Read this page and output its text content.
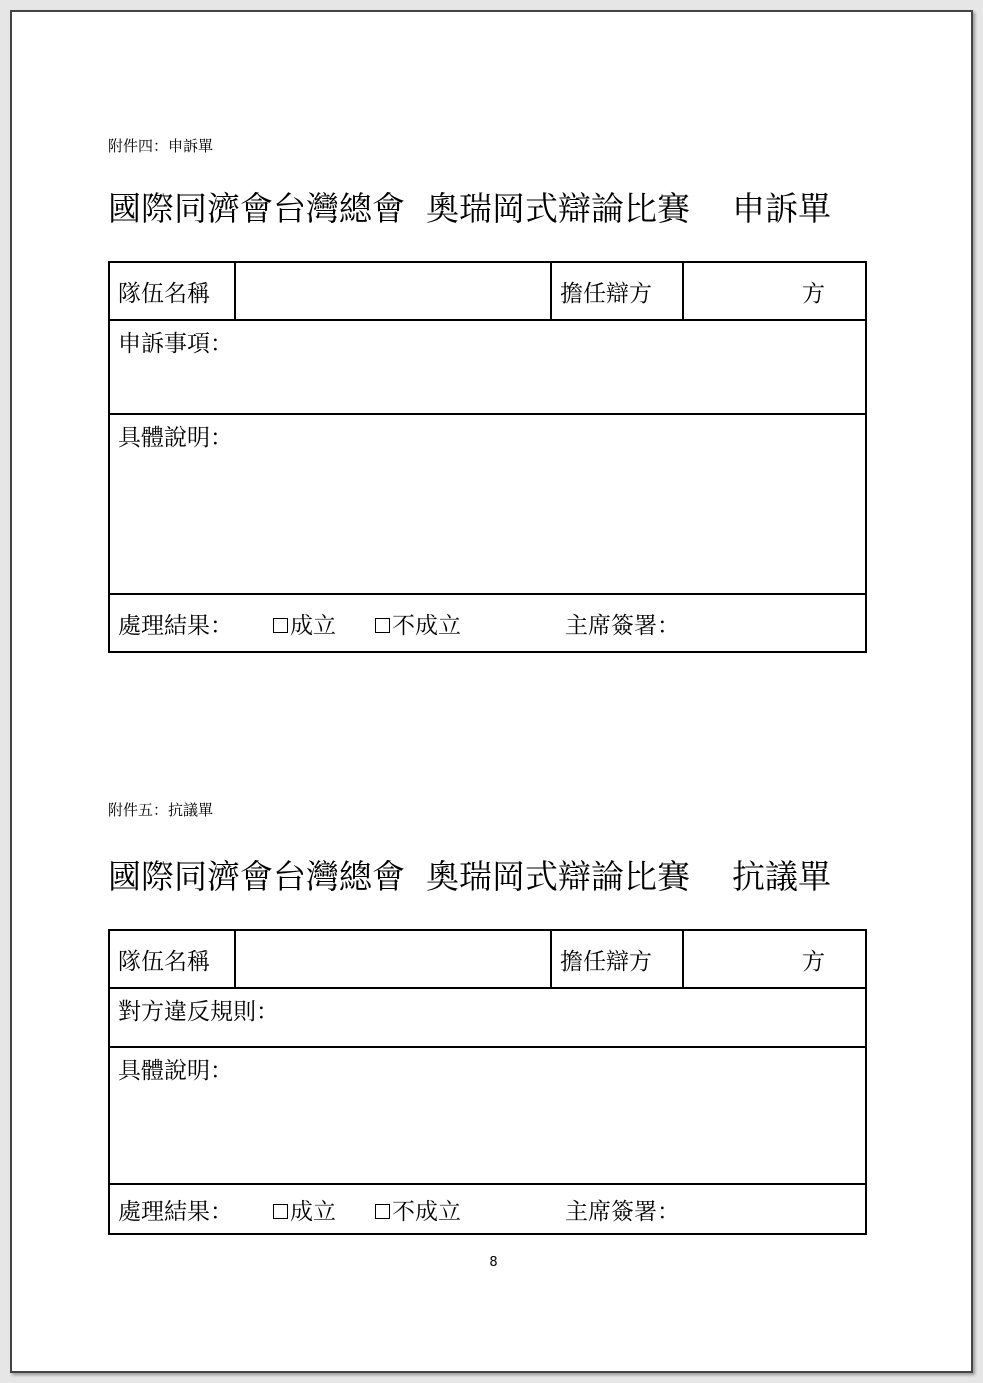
附件四：申訴單
國際同濟會台灣總會  奧瑞岡式辯論比賽    申訴單
隊伍名稱		擔任辯方	方
申訴事項：
具體說明：
處理結果： 成立 不成立	主席簽署：
附件五：抗議單
國際同濟會台灣總會  奧瑞岡式辯論比賽    抗議單
隊伍名稱		擔任辯方	方
對方違反規則：
具體說明：
處理結果： 成立 不成立	主席簽署：
8
